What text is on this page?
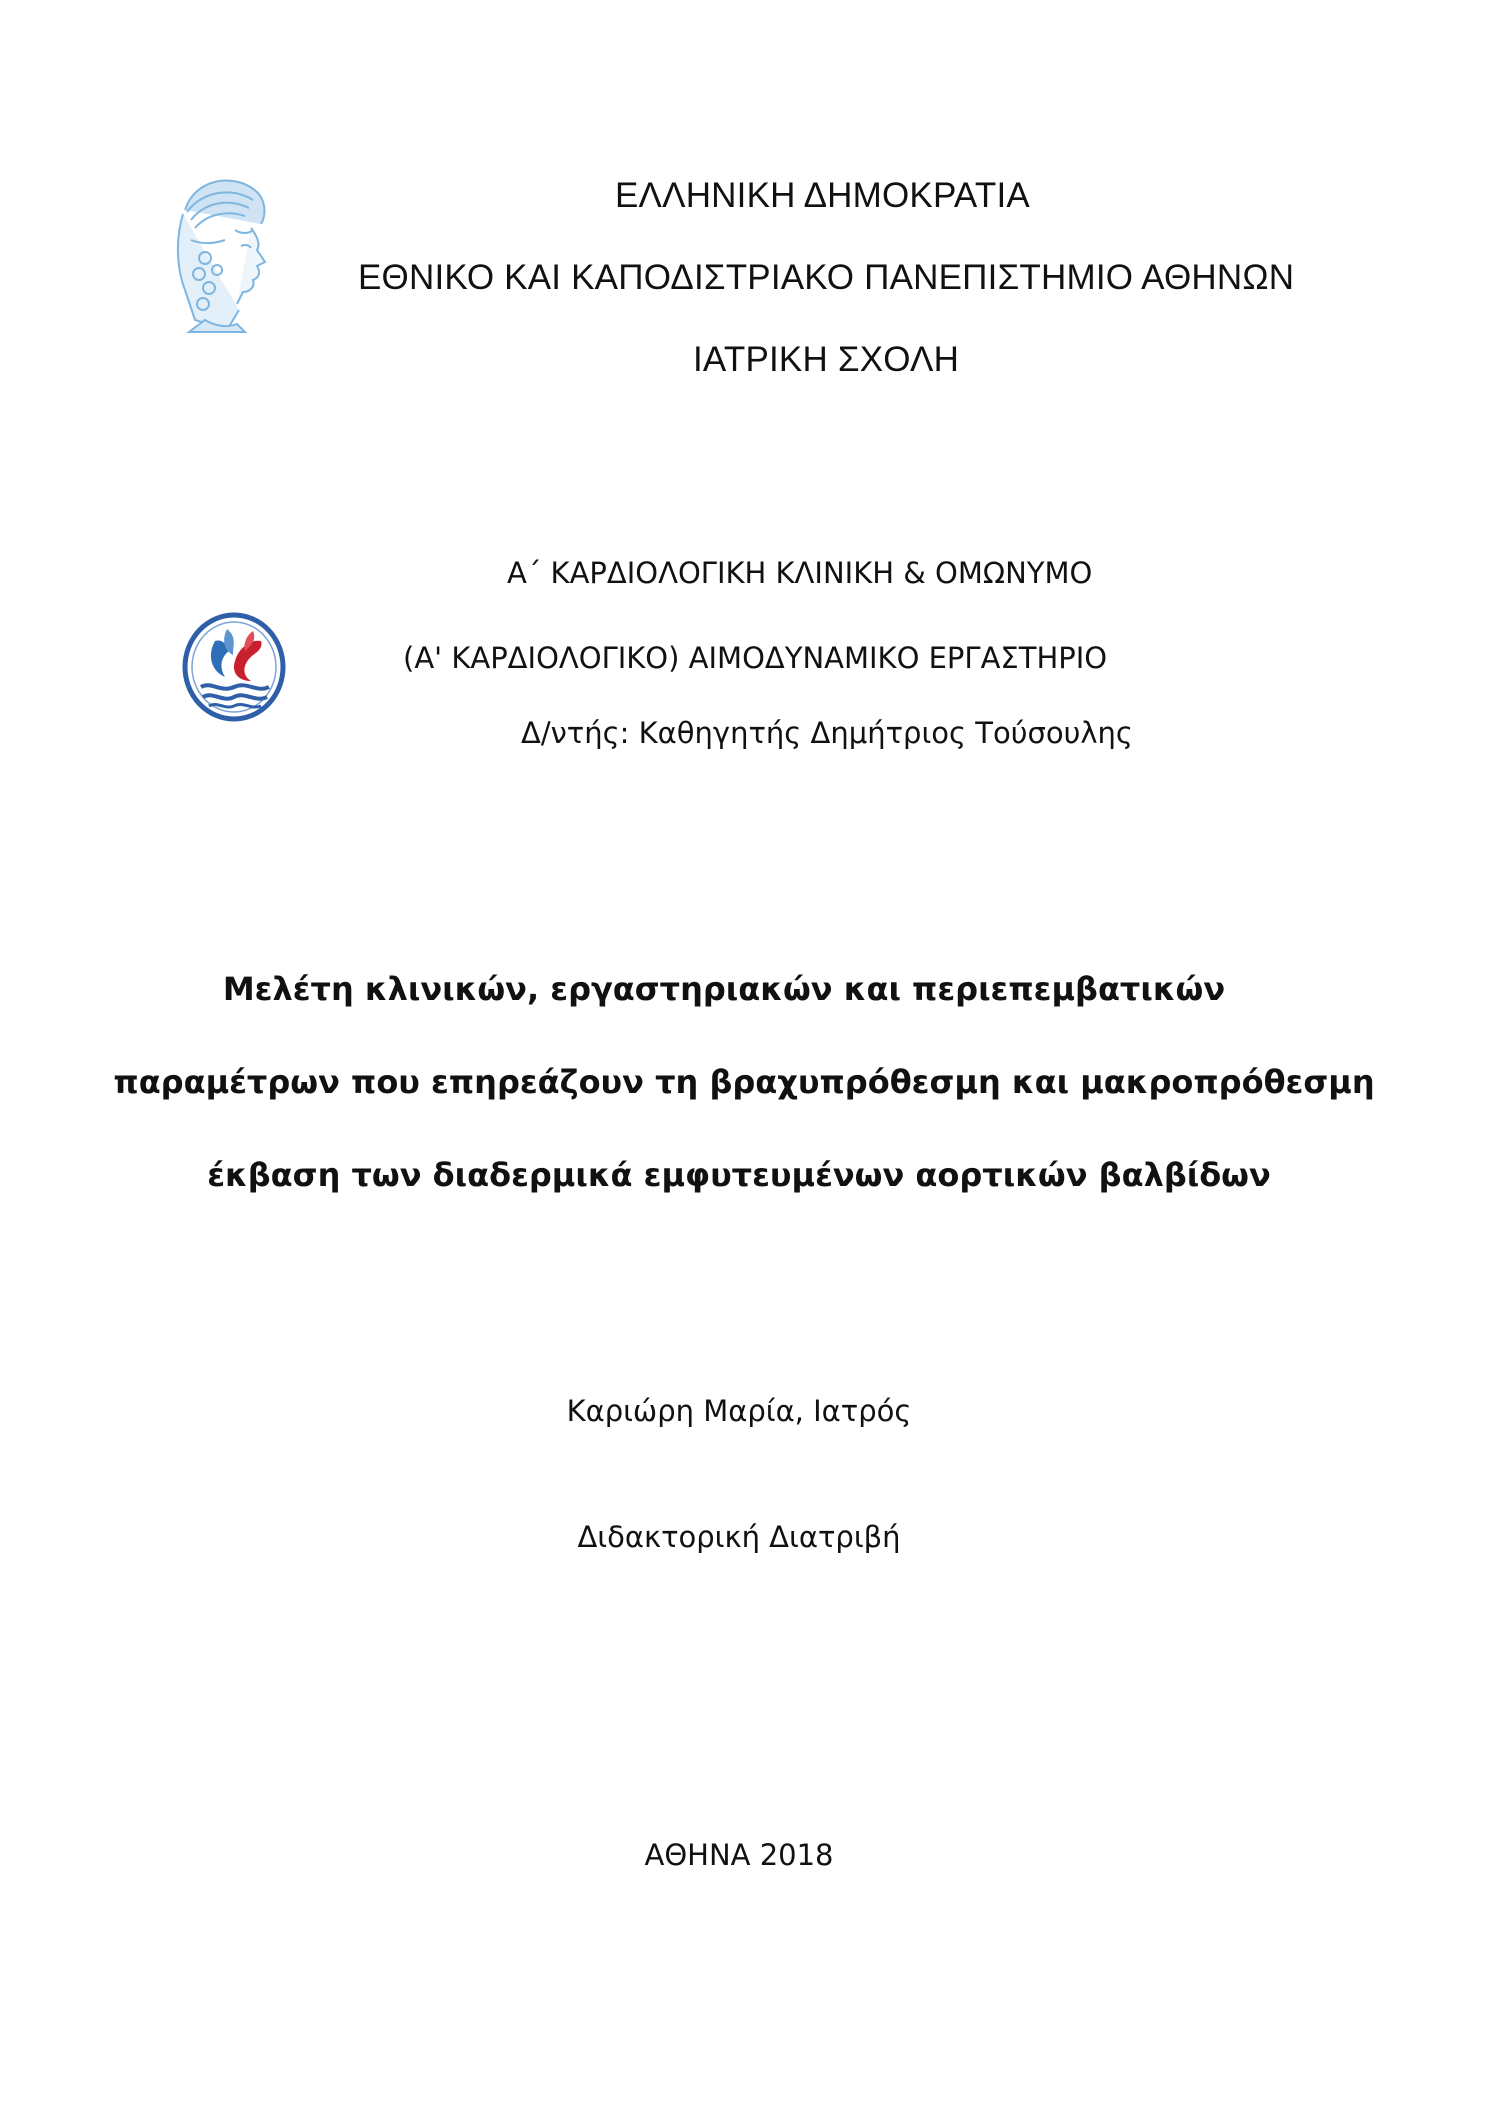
ΕΛΛΗΝΙΚΗ ΔΗΜΟΚΡΑΤΙΑ
ΕΘΝΙΚΟ ΚΑΙ ΚΑΠΟΔΙΣΤΡΙΑΚΟ ΠΑΝΕΠΙΣΤΗΜΙΟ ΑΘΗΝΩΝ
ΙΑΤΡΙΚΗ ΣΧΟΛΗ
Α΄ ΚΑΡΔΙΟΛΟΓΙΚΗ ΚΛΙΝΙΚΗ & ΟΜΩΝΥΜΟ
(Α' ΚΑΡΔΙΟΛΟΓΙΚΟ) ΑΙΜΟΔΥΝΑΜΙΚΟ ΕΡΓΑΣΤΗΡΙΟ
Δ/ντής: Καθηγητής Δημήτριος Τούσουλης
Μελέτη κλινικών, εργαστηριακών και περιεπεμβατικών
παραμέτρων που επηρεάζουν τη βραχυπρόθεσμη και μακροπρόθεσμη
έκβαση των διαδερμικά εμφυτευμένων αορτικών βαλβίδων
Καριώρη Μαρία, Ιατρός
Διδακτορική Διατριβή
ΑΘΗΝΑ 2018
